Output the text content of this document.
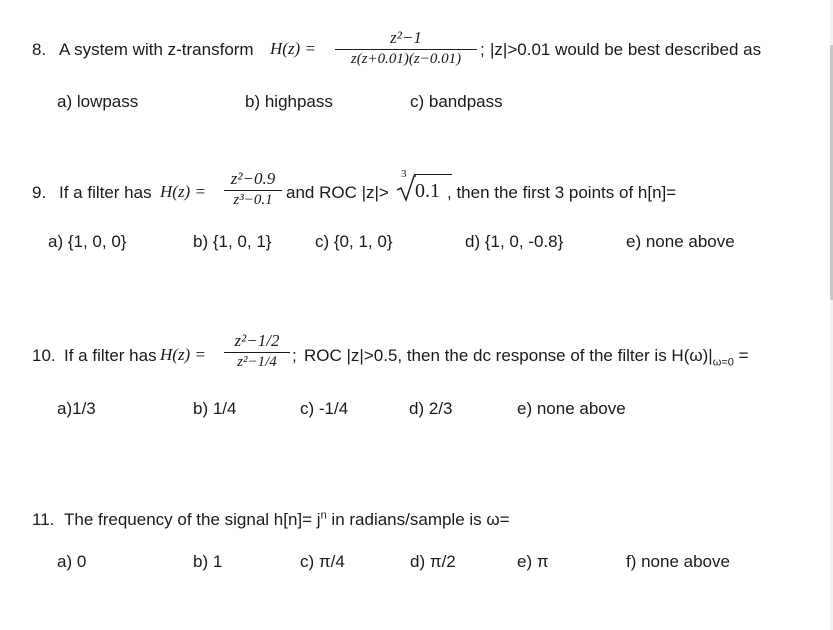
8. A system with z-transform H(z) =
z²−1
z(z+0.01)(z−0.01)	; |z|>0.01 would be best described as
a) lowpass	b) highpass	c) bandpass
9. If a filter has H(z) =
z²−0.9
z³−0.1 and ROC |z|>
3
0.1 , then the first 3 points of h[n]=
a) {1, 0, 0}	b) {1, 0, 1}	c) {0, 1, 0}	d) {1, 0, -0.8}	e) none above
10. If a filter has H(z) =
z²−1/2
z²−1/4 ; ROC |z|>0.5, then the dc response of the filter is $H(\omega)|_{\omega=0}$ =
a)1/3	b) 1/4	c) -1/4	d) 2/3	e) none above
11. The frequency of the signal $h[n]= j^n$ in radians/sample is ω=
a) 0	b) 1	c) π/4	d) π/2	e) π	f) none above
